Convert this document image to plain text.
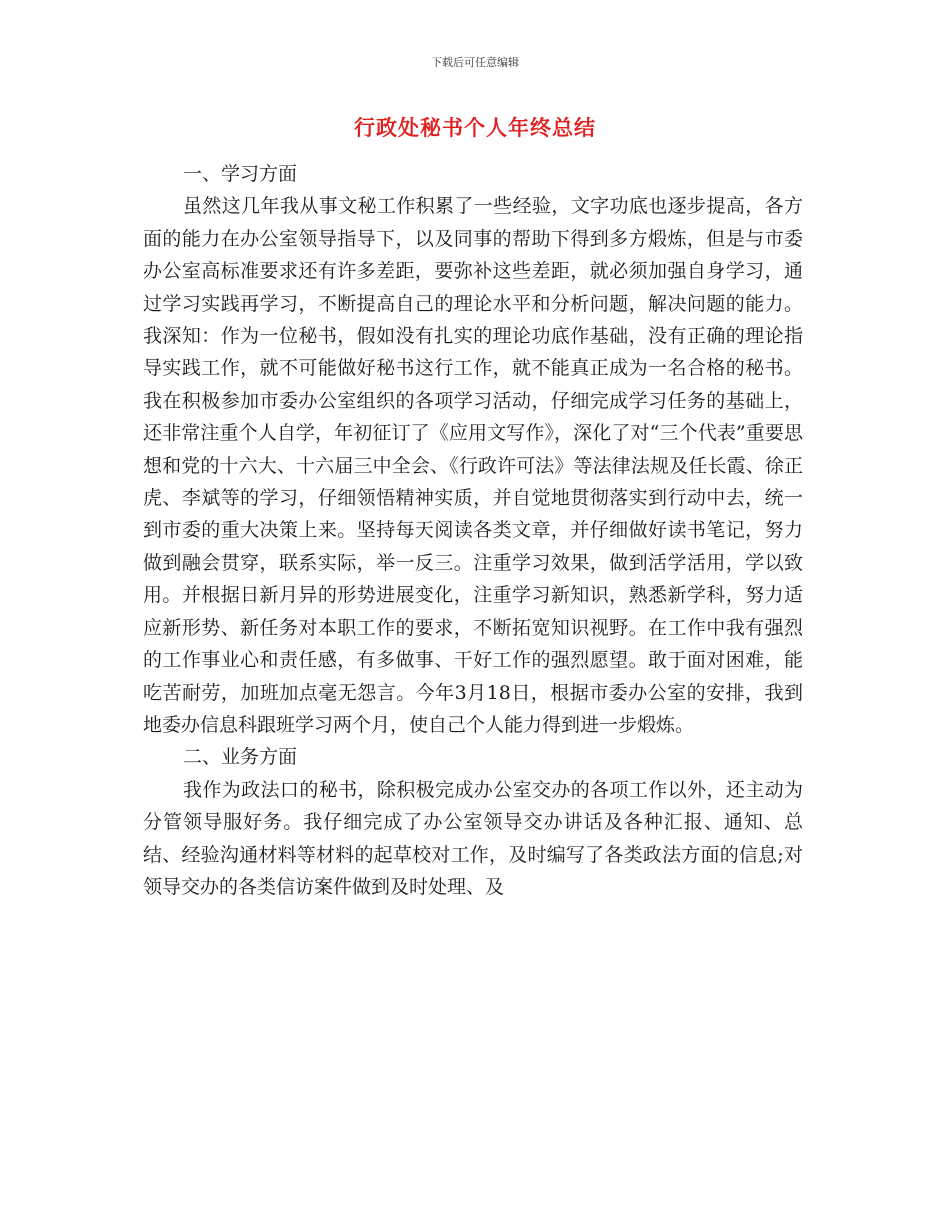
下载后可任意编辑
行政处秘书个人年终总结

一、学习方面

虽然这几年我从事文秘工作积累了一些经验，文字功底也逐步提高，各方面的能力在办公室领导指导下，以及同事的帮助下得到多方煅炼，但是与市委办公室高标准要求还有许多差距，要弥补这些差距，就必须加强自身学习，通过学习实践再学习，不断提高自己的理论水平和分析问题，解决问题的能力。我深知：作为一位秘书，假如没有扎实的理论功底作基础，没有正确的理论指导实践工作，就不可能做好秘书这行工作，就不能真正成为一名合格的秘书。我在积极参加市委办公室组织的各项学习活动，仔细完成学习任务的基础上，还非常注重个人自学，年初征订了《应用文写作》，深化了对“三个代表”重要思想和党的十六大、十六届三中全会、《行政许可法》等法律法规及任长霞、徐正虎、李斌等的学习，仔细领悟精神实质，并自觉地贯彻落实到行动中去，统一到市委的重大决策上来。坚持每天阅读各类文章，并仔细做好读书笔记，努力做到融会贯穿，联系实际，举一反三。注重学习效果，做到活学活用，学以致用。并根据日新月异的形势进展变化，注重学习新知识，熟悉新学科，努力适应新形势、新任务对本职工作的要求，不断拓宽知识视野。在工作中我有强烈的工作事业心和责任感，有多做事、干好工作的强烈愿望。敢于面对困难，能吃苦耐劳，加班加点毫无怨言。今年3月18日，根据市委办公室的安排，我到地委办信息科跟班学习两个月，使自己个人能力得到进一步煅炼。

二、业务方面

我作为政法口的秘书，除积极完成办公室交办的各项工作以外，还主动为分管领导服好务。我仔细完成了办公室领导交办讲话及各种汇报、通知、总结、经验沟通材料等材料的起草校对工作，及时编写了各类政法方面的信息;对领导交办的各类信访案件做到及时处理、及
